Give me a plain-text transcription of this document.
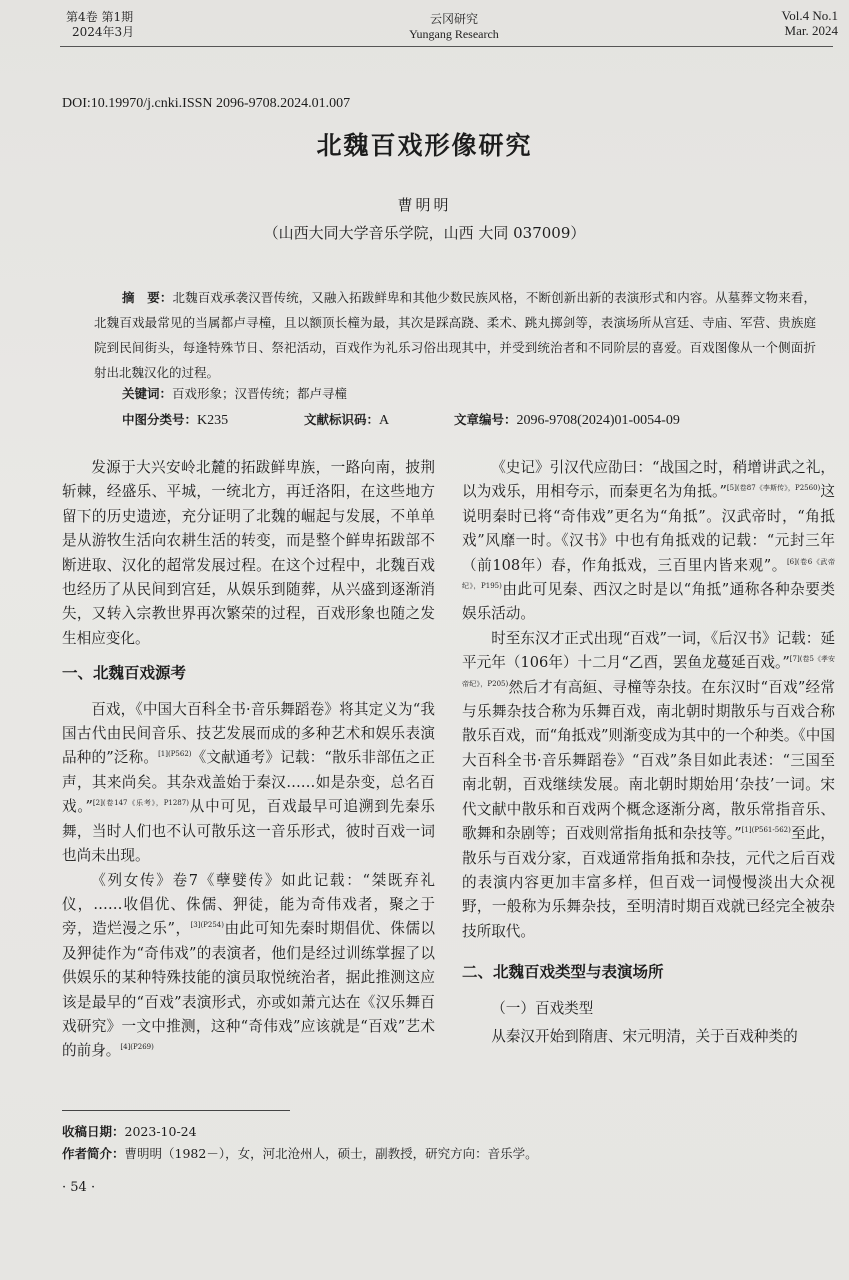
第4卷 第1期
2024年3月
云冈研究
Yungang Research
Vol.4 No.1
Mar. 2024
DOI:10.19970/j.cnki.ISSN 2096-9708.2024.01.007
北魏百戏形像研究
曹明明
（山西大同大学音乐学院，山西 大同 037009）
摘　要：北魏百戏承袭汉晋传统，又融入拓跋鲜卑和其他少数民族风格，不断创新出新的表演形式和内容。从墓葬文物来看，北魏百戏最常见的当属都卢寻橦，且以额顶长橦为最，其次是踩高跷、柔术、跳丸掷剑等，表演场所从宫廷、寺庙、军营、贵族庭院到民间街头，每逢特殊节日、祭祀活动，百戏作为礼乐习俗出现其中，并受到统治者和不同阶层的喜爱。百戏图像从一个侧面折射出北魏汉化的过程。
关键词：百戏形象；汉晋传统；都卢寻橦
中图分类号：K235	文献标识码：A	文章编号：2096-9708(2024)01-0054-09

发源于大兴安岭北麓的拓跋鲜卑族，一路向南，披荆斩棘，经盛乐、平城，一统北方，再迁洛阳，在这些地方留下的历史遗迹，充分证明了北魏的崛起与发展，不单单是从游牧生活向农耕生活的转变，而是整个鲜卑拓跋部不断进取、汉化的超常发展过程。在这个过程中，北魏百戏也经历了从民间到宫廷，从娱乐到随葬，从兴盛到逐渐消失，又转入宗教世界再次繁荣的过程，百戏形象也随之发生相应变化。

一、北魏百戏源考

百戏，《中国大百科全书·音乐舞蹈卷》将其定义为“我国古代由民间音乐、技艺发展而成的多种艺术和娱乐表演品种的”泛称。$^{[1](P562)}$《文献通考》记载：“散乐非部伍之正声，其来尚矣。其杂戏盖始于秦汉……如是杂变，总名百戏。”$^{[2](卷147《乐考》,P1287)}$从中可见，百戏最早可追溯到先秦乐舞，当时人们也不认可散乐这一音乐形式，彼时百戏一词也尚未出现。

《列女传》卷7《孽嬖传》如此记载：“桀既弃礼仪，……收倡优、侏儒、狎徒，能为奇伟戏者，聚之于旁，造烂漫之乐”，$^{[3](P254)}$由此可知先秦时期倡优、侏儒以及狎徒作为“奇伟戏”的表演者，他们是经过训练掌握了以供娱乐的某种特殊技能的演员取悦统治者，据此推测这应该是最早的“百戏”表演形式，亦或如萧亢达在《汉乐舞百戏研究》一文中推测，这种“奇伟戏”应该就是“百戏”艺术的前身。$^{[4](P269)}$

《史记》引汉代应劭曰：“战国之时，稍增讲武之礼，以为戏乐，用相夸示，而秦更名为角抵。”$^{[5](卷87《李斯传》,P2560)}$这说明秦时已将“奇伟戏”更名为“角抵”。汉武帝时，“角抵戏”风靡一时。《汉书》中也有角抵戏的记载：“元封三年（前108年）春，作角抵戏，三百里内皆来观”。$^{[6](卷6《武帝纪》,P195)}$由此可见秦、西汉之时是以“角抵”通称各种杂要类娱乐活动。

时至东汉才正式出现“百戏”一词，《后汉书》记载：延平元年（106年）十二月“乙酉，罢鱼龙蔓延百戏。”$^{[7](卷5《孝安帝纪》,P205)}$然后才有高絙、寻橦等杂技。在东汉时“百戏”经常与乐舞杂技合称为乐舞百戏，南北朝时期散乐与百戏合称散乐百戏，而“角抵戏”则渐变成为其中的一个种类。《中国大百科全书·音乐舞蹈卷》“百戏”条目如此表述：“三国至南北朝，百戏继续发展。南北朝时期始用‘杂技’一词。宋代文献中散乐和百戏两个概念逐渐分离，散乐常指音乐、歌舞和杂剧等；百戏则常指角抵和杂技等。”$^{[1](P561-562)}$至此，散乐与百戏分家，百戏通常指角抵和杂技，元代之后百戏的表演内容更加丰富多样，但百戏一词慢慢淡出大众视野，一般称为乐舞杂技，至明清时期百戏就已经完全被杂技所取代。

二、北魏百戏类型与表演场所
（一）百戏类型

从秦汉开始到隋唐、宋元明清，关于百戏种类的

收稿日期：2023-10-24
作者简介：曹明明（1982－），女，河北沧州人，硕士，副教授，研究方向：音乐学。
· 54 ·
